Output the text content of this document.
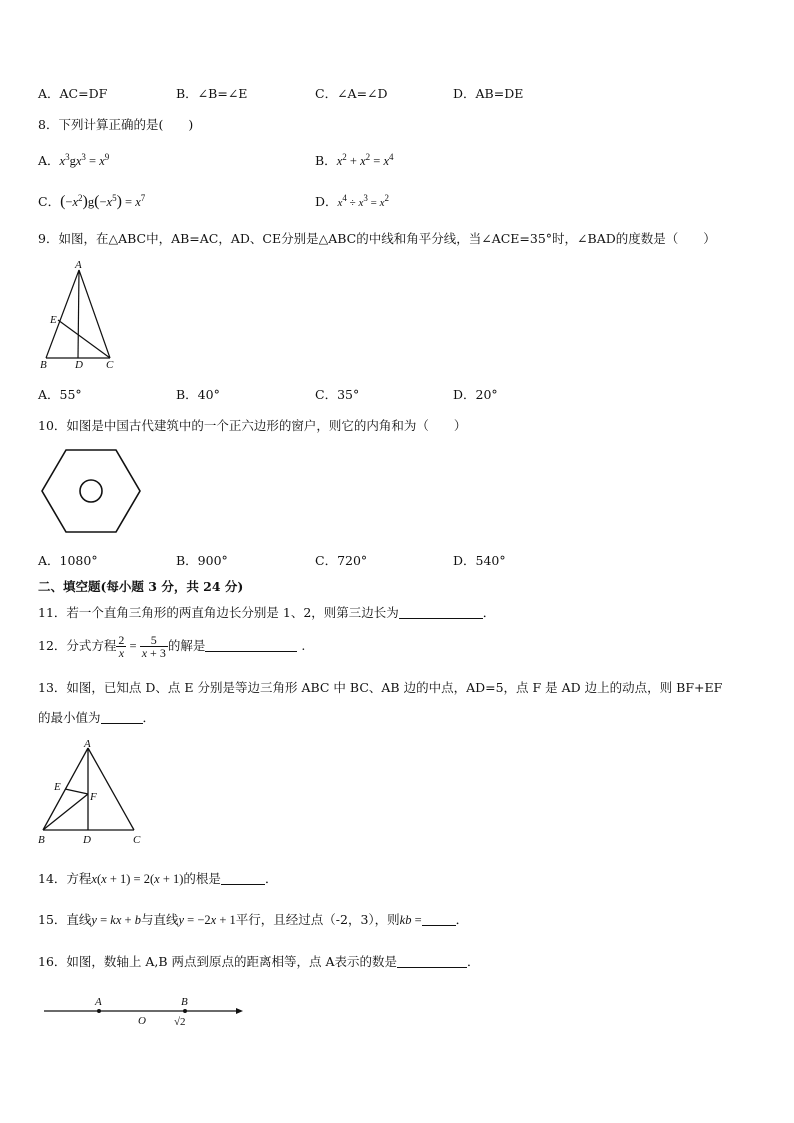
A．AC=DF	B．∠B=∠E	C．∠A=∠D	D．AB=DE
8．下列计算正确的是(　　)
A．$x^3gx^3 = x^9$	B．$x^2 + x^2 = x^4$
C．$(-x^2)g(-x^5) = x^7$	D．$x^4 \div x^3 = x^2$
9．如图，在△ABC中，AB=AC，AD、CE分别是△ABC的中线和角平分线，当∠ACE=35°时，∠BAD的度数是（　　）
A
E
B	D C
A．55°	B．40°	C．35°	D．20°
10．如图是中国古代建筑中的一个正六边形的窗户，则它的内角和为（　　）
A．1080°	B．900°	C．720°	D．540°
二、填空题(每小题 3 分，共 24 分)
11．若一个直角三角形的两直角边长分别是 1、2，则第三边长为	．
12．分式方程 $\frac{2}{x} = \frac{5}{x + 3}$ 的解是	.
13．如图，已知点 D、点 E 分别是等边三角形 ABC 中 BC、AB 边的中点，AD=5，点 F 是 AD 边上的动点，则 BF+EF
的最小值为	．
A
E
F
B	D	C
14．方程x(x + 1) = 2(x + 1)的根是	．
15．直线y = kx + b与直线y = −2x + 1平行，且经过点（-2，3），则kb =	．
16．如图，数轴上 A,B 两点到原点的距离相等，点 A表示的数是	．
A
O
B
√2
